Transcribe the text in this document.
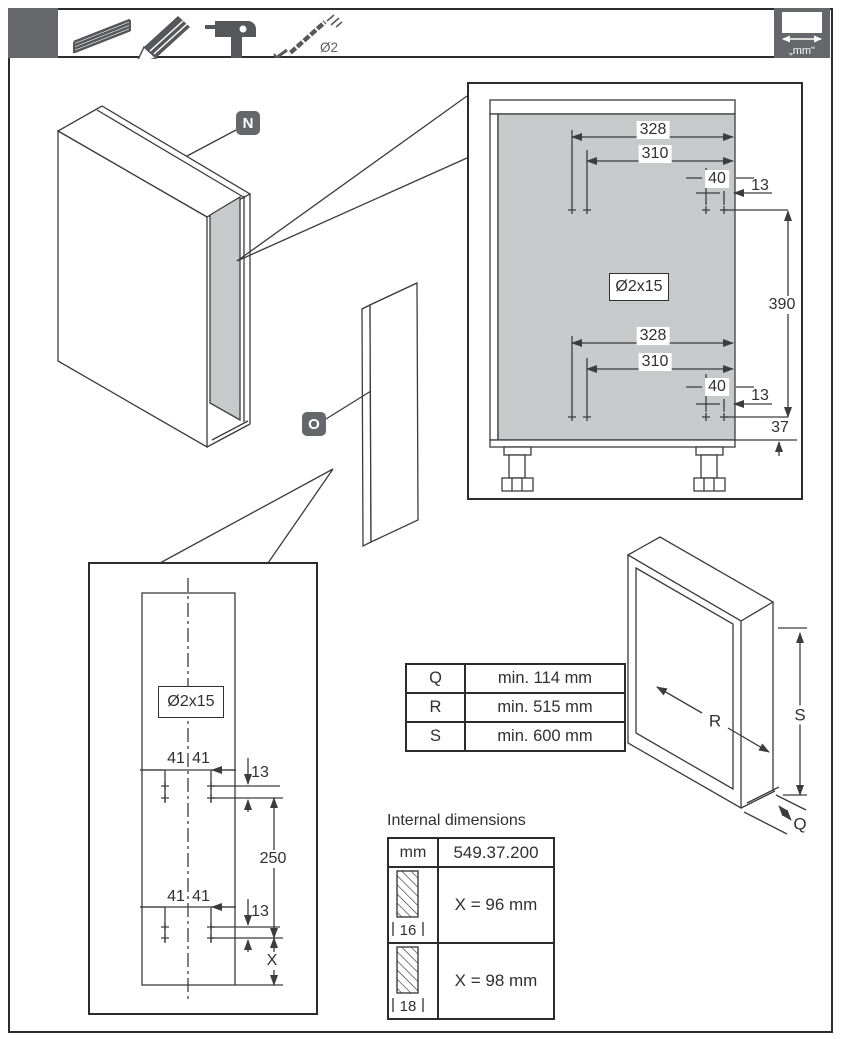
Ø2	„mm"
N
O
Ø2x15
Ø2x15
328
310
40 13
328
310
40
13
390
37
41 41
13
41 41
13
250
X
R	S
Q
Q	min. 114 mm
R	min. 515 mm
S	min. 600 mm
Internal dimensions
mm	549.37.200

16	X = 96 mm

18	X = 98 mm
